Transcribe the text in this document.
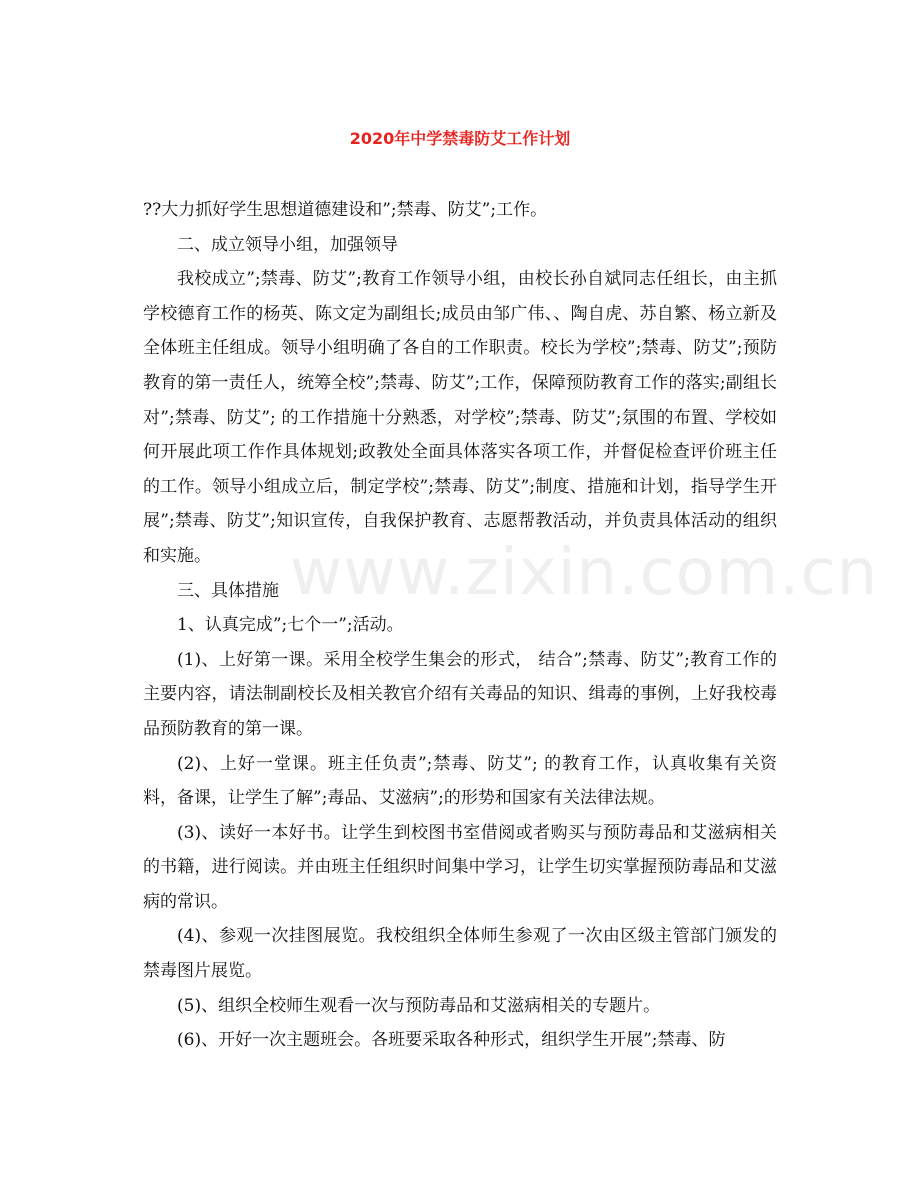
2020年中学禁毒防艾工作计划

??大力抓好学生思想道德建设和”;禁毒、防艾”;工作。

二、成立领导小组，加强领导

我校成立”;禁毒、防艾”;教育工作领导小组，由校长孙自斌同志任组长，由主抓学校德育工作的杨英、陈文定为副组长;成员由邹广伟、、陶自虎、苏自繁、杨立新及全体班主任组成。领导小组明确了各自的工作职责。校长为学校”;禁毒、防艾”;预防教育的第一责任人，统筹全校”;禁毒、防艾”;工作，保障预防教育工作的落实;副组长对”;禁毒、防艾”; 的工作措施十分熟悉，对学校”;禁毒、防艾”;氛围的布置、学校如何开展此项工作作具体规划;政教处全面具体落实各项工作，并督促检查评价班主任的工作。领导小组成立后，制定学校”;禁毒、防艾”;制度、措施和计划，指导学生开展”;禁毒、防艾”;知识宣传，自我保护教育、志愿帮教活动，并负责具体活动的组织和实施。

三、具体措施

1、认真完成”;七个一”;活动。

(1)、上好第一课。采用全校学生集会的形式， 结合”;禁毒、防艾”;教育工作的主要内容，请法制副校长及相关教官介绍有关毒品的知识、缉毒的事例，上好我校毒品预防教育的第一课。

(2)、上好一堂课。班主任负责”;禁毒、防艾”; 的教育工作，认真收集有关资料，备课，让学生了解”;毒品、艾滋病”;的形势和国家有关法律法规。

(3)、读好一本好书。让学生到校图书室借阅或者购买与预防毒品和艾滋病相关的书籍，进行阅读。并由班主任组织时间集中学习，让学生切实掌握预防毒品和艾滋病的常识。

(4)、参观一次挂图展览。我校组织全体师生参观了一次由区级主管部门颁发的禁毒图片展览。

(5)、组织全校师生观看一次与预防毒品和艾滋病相关的专题片。

(6)、开好一次主题班会。各班要采取各种形式，组织学生开展”;禁毒、防

www.zixin.com.cn
